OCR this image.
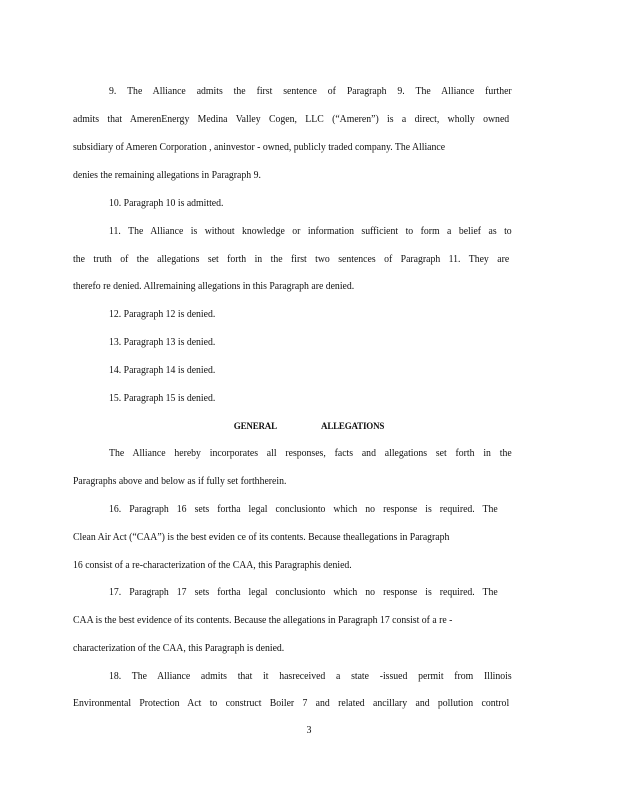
9. The Alliance admits the first sentence of Paragraph 9. The Alliance further
admits that AmerenEnergy Medina Valley Cogen, LLC (“Ameren”) is a direct, wholly owned
subsidiary of Ameren Corporation , aninvestor - owned, publicly traded company. The Alliance
denies the remaining allegations in Paragraph 9.
10. Paragraph 10 is admitted.
11. The Alliance is without knowledge or information sufficient to form a belief as to
the truth of the allegations set forth in the first two sentences of Paragraph 11. They are
therefo re denied. Allremaining allegations in this Paragraph are denied.
12. Paragraph 12 is denied.
13. Paragraph 13 is denied.
14. Paragraph 14 is denied.
15. Paragraph 15 is denied.
GENERAL	ALLEGATIONS
The Alliance hereby incorporates all responses, facts and allegations set forth in the
Paragraphs above and below as if fully set forthherein.
16. Paragraph 16 sets fortha legal conclusionto which no response is required. The
Clean Air Act (“CAA”) is the best eviden ce of its contents. Because theallegations in Paragraph
16 consist of a re-characterization of the CAA, this Paragraphis denied.
17. Paragraph 17 sets fortha legal conclusionto which no response is required. The
CAA is the best evidence of its contents. Because the allegations in Paragraph 17 consist of a re -
characterization of the CAA, this Paragraph is denied.
18. The Alliance admits that it hasreceived a state -issued permit from Illinois
Environmental Protection Act to construct Boiler 7 and related ancillary and pollution control
3
